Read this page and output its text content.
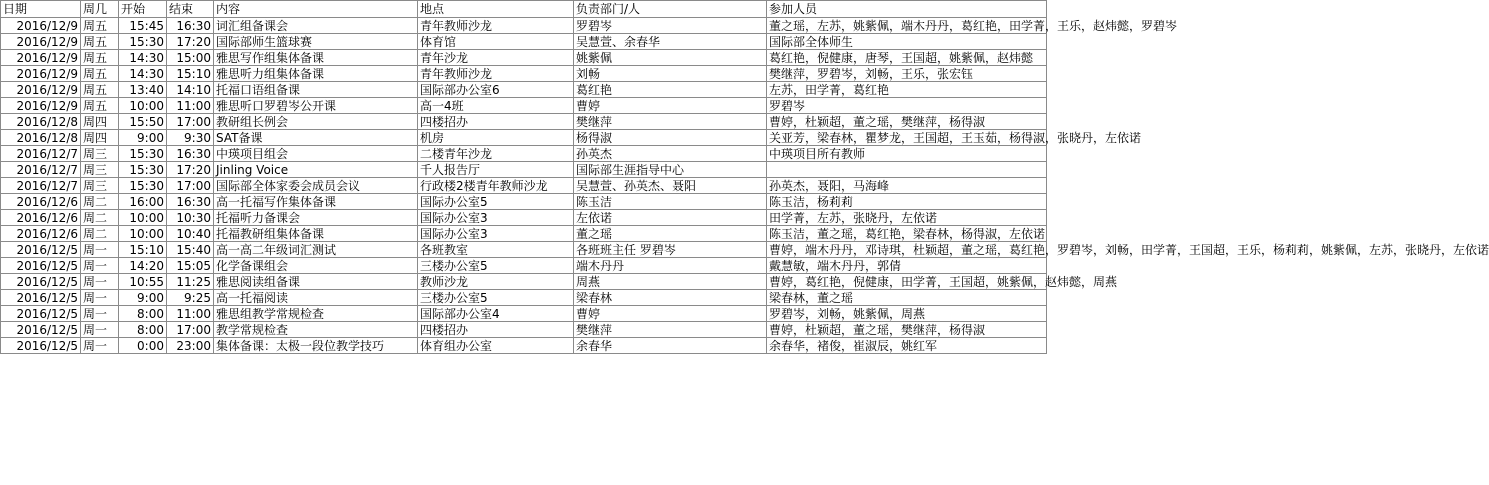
日期	周几	开始	结束	内容	地点	负责部门/人	参加人员
2016/12/9	周五	15:45	16:30	词汇组备课会	青年教师沙龙	罗碧岑	董之瑶，左苏，姚紫佩，端木丹丹，葛红艳，田学菁，王乐，赵炜懿，罗碧岑
2016/12/9	周五	15:30	17:20	国际部师生篮球赛	体育馆	吴慧萱、余春华	国际部全体师生
2016/12/9	周五	14:30	15:00	雅思写作组集体备课	青年沙龙	姚紫佩	葛红艳，倪健康，唐琴，王国超，姚紫佩，赵炜懿
2016/12/9	周五	14:30	15:10	雅思听力组集体备课	青年教师沙龙	刘畅	樊继萍，罗碧岑，刘畅，王乐，张宏钰
2016/12/9	周五	13:40	14:10	托福口语组备课	国际部办公室6	葛红艳	左苏，田学菁，葛红艳
2016/12/9	周五	10:00	11:00	雅思听口罗碧岑公开课	高一4班	曹婷	罗碧岑
2016/12/8	周四	15:50	17:00	教研组长例会	四楼招办	樊继萍	曹婷，杜颖超，董之瑶，樊继萍，杨得淑
2016/12/8	周四	9:00	9:30	SAT备课	机房	杨得淑	关亚芳，梁春林，瞿梦龙，王国超，王玉茹，杨得淑，张晓丹，左依诺
2016/12/7	周三	15:30	16:30	中瑛项目组会	二楼青年沙龙	孙英杰	中瑛项目所有教师
2016/12/7	周三	15:30	17:20	Jinling Voice	千人报告厅	国际部生涯指导中心	
2016/12/7	周三	15:30	17:00	国际部全体家委会成员会议	行政楼2楼青年教师沙龙	吴慧萱、孙英杰、聂阳	孙英杰，聂阳，马海峰
2016/12/6	周二	16:00	16:30	高一托福写作集体备课	国际办公室5	陈玉洁	陈玉洁，杨莉莉
2016/12/6	周二	10:00	10:30	托福听力备课会	国际办公室3	左依诺	田学菁，左苏，张晓丹，左依诺
2016/12/6	周二	10:00	10:40	托福教研组集体备课	国际办公室3	董之瑶	陈玉洁，董之瑶，葛红艳，梁春林，杨得淑，左依诺
2016/12/5	周一	15:10	15:40	高一高二年级词汇测试	各班教室	各班班主任 罗碧岑	曹婷，端木丹丹，邓诗琪，杜颖超，董之瑶，葛红艳，罗碧岑，刘畅，田学菁，王国超，王乐，杨莉莉，姚紫佩，左苏，张晓丹，左依诺
2016/12/5	周一	14:20	15:05	化学备课组会	三楼办公室5	端木丹丹	戴慧敏，端木丹丹，郭倩
2016/12/5	周一	10:55	11:25	雅思阅读组备课	教师沙龙	周燕	曹婷，葛红艳，倪健康，田学菁，王国超，姚紫佩，赵炜懿，周燕
2016/12/5	周一	9:00	9:25	高一托福阅读	三楼办公室5	梁春林	梁春林，董之瑶
2016/12/5	周一	8:00	11:00	雅思组教学常规检查	国际部办公室4	曹婷	罗碧岑，刘畅，姚紫佩，周燕
2016/12/5	周一	8:00	17:00	教学常规检查	四楼招办	樊继萍	曹婷，杜颖超，董之瑶，樊继萍，杨得淑
2016/12/5	周一	0:00	23:00	集体备课：太极一段位教学技巧	体育组办公室	余春华	余春华，褚俊，崔淑辰，姚红军
